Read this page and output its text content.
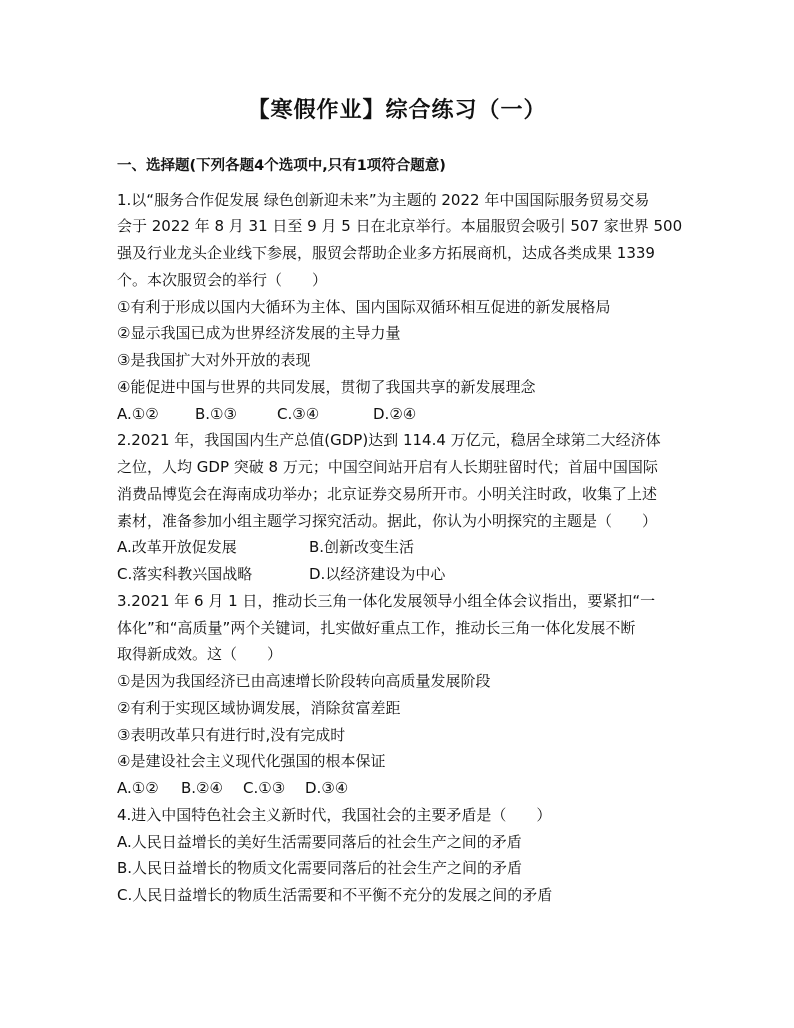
【寒假作业】综合练习（一）
一、选择题(下列各题4个选项中,只有1项符合题意)
1.以“服务合作促发展 绿色创新迎未来”为主题的 2022 年中国国际服务贸易交易
会于 2022 年 8 月 31 日至 9 月 5 日在北京举行。本届服贸会吸引 507 家世界 500
强及行业龙头企业线下参展，服贸会帮助企业多方拓展商机，达成各类成果 1339
个。本次服贸会的举行（　　）
①有利于形成以国内大循环为主体、国内国际双循环相互促进的新发展格局
②显示我国已成为世界经济发展的主导力量
③是我国扩大对外开放的表现
④能促进中国与世界的共同发展，贯彻了我国共享的新发展理念
A.①② B.①③	C.③④	D.②④
2.2021 年，我国国内生产总值(GDP)达到 114.4 万亿元，稳居全球第二大经济体
之位，人均 GDP 突破 8 万元；中国空间站开启有人长期驻留时代；首届中国国际
消费品博览会在海南成功举办；北京证券交易所开市。小明关注时政，收集了上述
素材，准备参加小组主题学习探究活动。据此，你认为小明探究的主题是（　　）
A.改革开放促发展	B.创新改变生活
C.落实科教兴国战略	D.以经济建设为中心
3.2021 年 6 月 1 日，推动长三角一体化发展领导小组全体会议指出，要紧扣“一
体化”和“高质量”两个关键词，扎实做好重点工作，推动长三角一体化发展不断
取得新成效。这（　　）
①是因为我国经济已由高速增长阶段转向高质量发展阶段
②有利于实现区域协调发展，消除贫富差距
③表明改革只有进行时,没有完成时
④是建设社会主义现代化强国的根本保证
A.①② B.②④ C.①③ D.③④
4.进入中国特色社会主义新时代，我国社会的主要矛盾是（　　）
A.人民日益增长的美好生活需要同落后的社会生产之间的矛盾
B.人民日益增长的物质文化需要同落后的社会生产之间的矛盾
C.人民日益增长的物质生活需要和不平衡不充分的发展之间的矛盾
